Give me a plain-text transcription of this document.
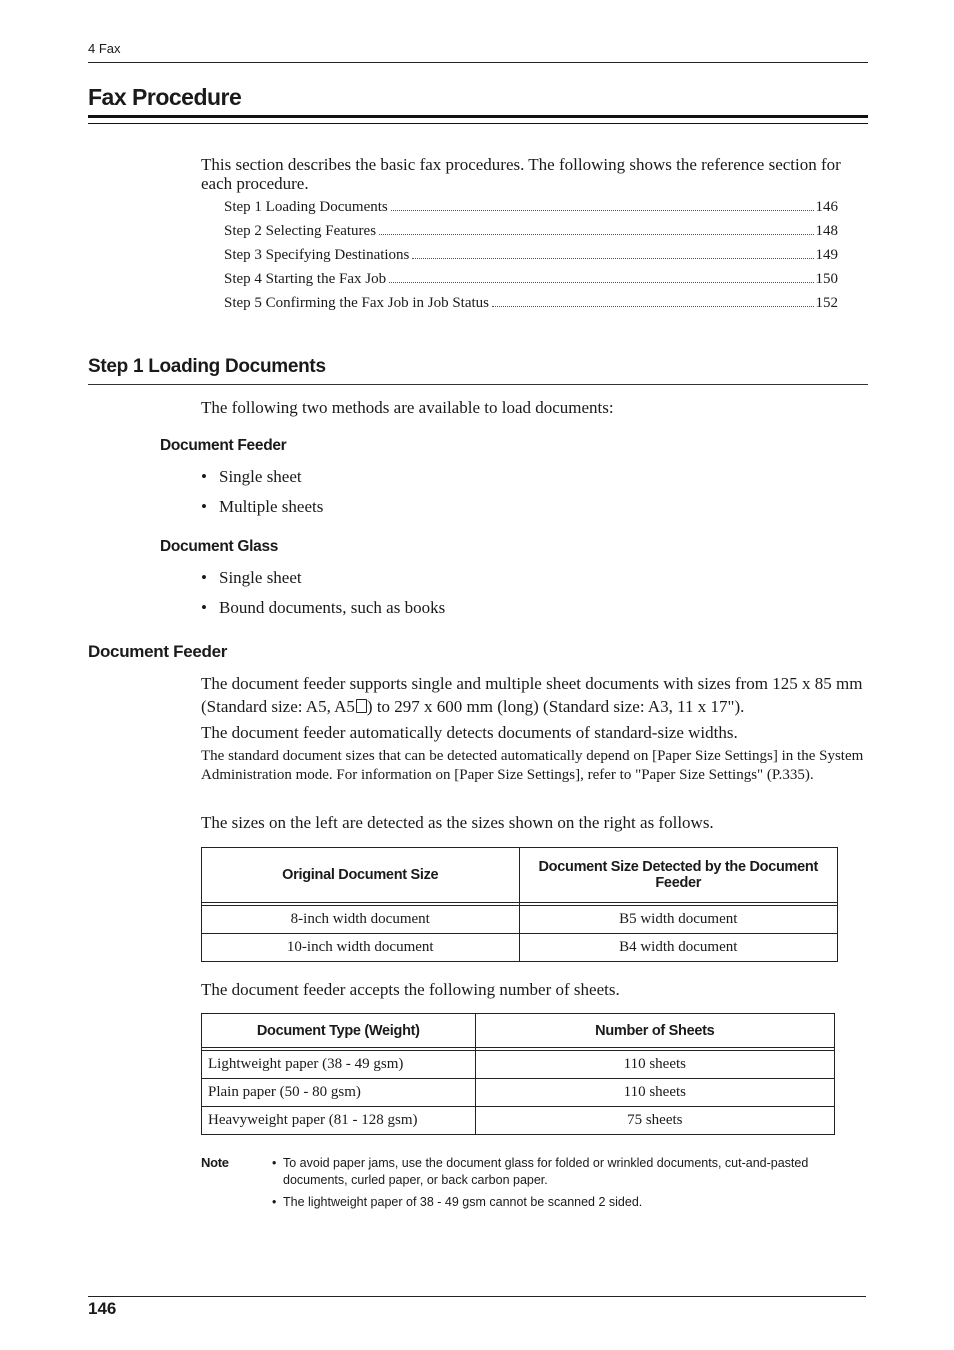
4 Fax
Fax Procedure
This section describes the basic fax procedures. The following shows the reference section for each procedure.
Step 1 Loading Documents	146
Step 2 Selecting Features	148
Step 3 Specifying Destinations	149
Step 4 Starting the Fax Job	150
Step 5 Confirming the Fax Job in Job Status	152
Step 1 Loading Documents
The following two methods are available to load documents:
Document Feeder
• Single sheet
• Multiple sheets
Document Glass
• Single sheet
• Bound documents, such as books
Document Feeder
The document feeder supports single and multiple sheet documents with sizes from 125 x 85 mm (Standard size: A5, A5 ) to 297 x 600 mm (long) (Standard size: A3, 11 x 17").
The document feeder automatically detects documents of standard-size widths.
The standard document sizes that can be detected automatically depend on [Paper Size Settings] in the System Administration mode. For information on [Paper Size Settings], refer to "Paper Size Settings" (P.335).
The sizes on the left are detected as the sizes shown on the right as follows.
Original Document Size	Document Size Detected by the Document Feeder

8-inch width document	B5 width document
10-inch width document	B4 width document
The document feeder accepts the following number of sheets.
Document Type (Weight)	Number of Sheets

Lightweight paper (38 - 49 gsm)	110 sheets
Plain paper (50 - 80 gsm)	110 sheets
Heavyweight paper (81 - 128 gsm)	75 sheets
Note	• To avoid paper jams, use the document glass for folded or wrinkled documents, cut-and-pasted documents, curled paper, or back carbon paper.
• The lightweight paper of 38 - 49 gsm cannot be scanned 2 sided.
146
